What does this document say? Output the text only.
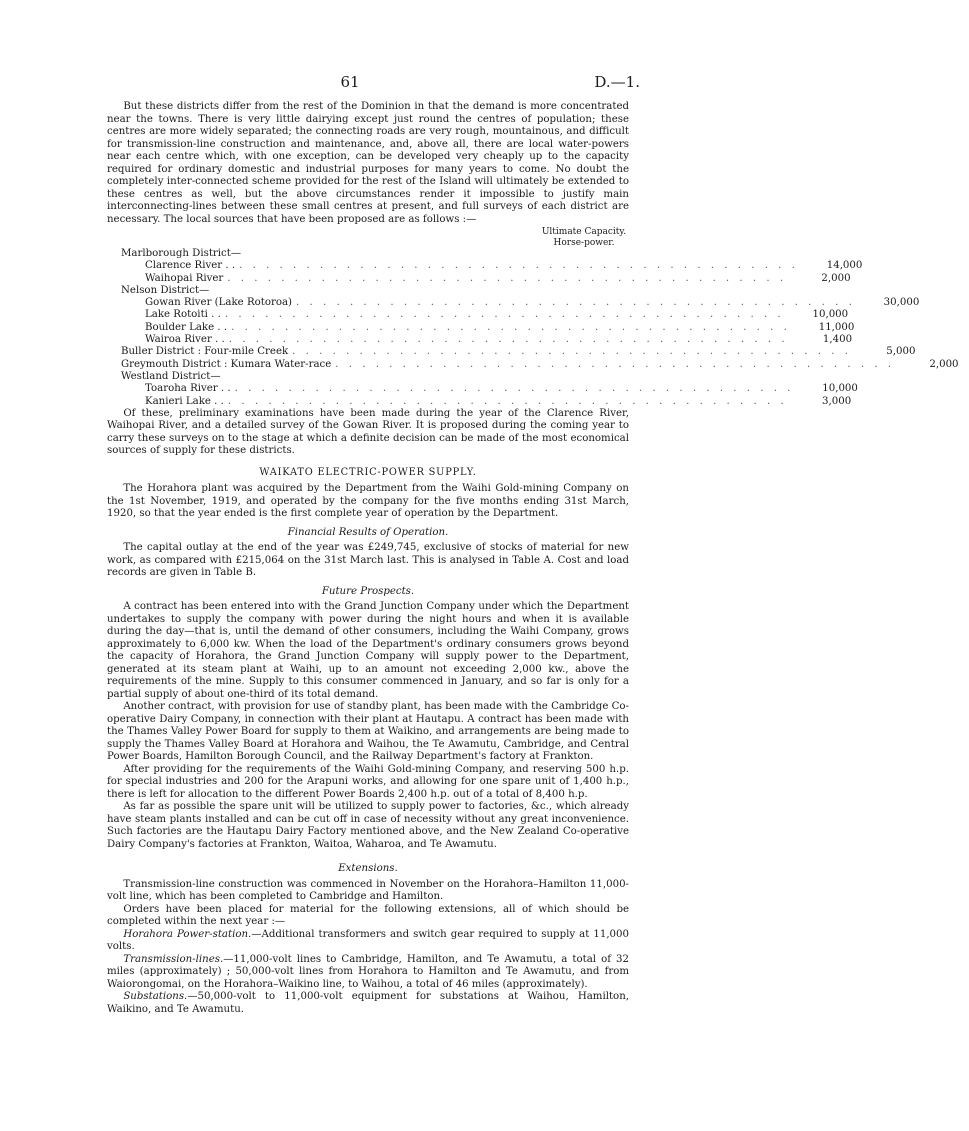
61	D.—1.

But these districts differ from the rest of the Dominion in that the demand is more concentrated near the towns. There is very little dairying except just round the centres of population; these centres are more widely separated; the connecting roads are very rough, mountainous, and difficult for transmission-line construction and maintenance, and, above all, there are local water-powers near each centre which, with one exception, can be developed very cheaply up to the capacity required for ordinary domestic and industrial purposes for many years to come. No doubt the completely inter-connected scheme provided for the rest of the Island will ultimately be extended to these centres as well, but the above circumstances render it impossible to justify main interconnecting-lines between these small centres at present, and full surveys of each district are necessary. The local sources that have been proposed are as follows :—

Ultimate Capacity.
Horse-power.
Marlborough District—
Clarence River . . . . . . . . . . . . . . . . . . . . . . . . . . . . . . . . . . . . . . . . . . . .	14,000
Waihopai River . . . . . . . . . . . . . . . . . . . . . . . . . . . . . . . . . . . . . . . . . .	2,000
Nelson District—
Gowan River (Lake Rotoroa) . . . . . . . . . . . . . . . . . . . . . . . . . . . . . . . . . . . . . . . . . .	30,000
Lake Rotoiti . . . . . . . . . . . . . . . . . . . . . . . . . . . . . . . . . . . . . . . . . . . .	10,000
Boulder Lake . . . . . . . . . . . . . . . . . . . . . . . . . . . . . . . . . . . . . . . . . . . .	11,000
Wairoa River . . . . . . . . . . . . . . . . . . . . . . . . . . . . . . . . . . . . . . . . . . . .	1,400
Buller District : Four-mile Creek . . . . . . . . . . . . . . . . . . . . . . . . . . . . . . . . . . . . . . . . . .	5,000
Greymouth District : Kumara Water-race . . . . . . . . . . . . . . . . . . . . . . . . . . . . . . . . . . . . . . . . . .	2,000
Westland District—
Toaroha River . . . . . . . . . . . . . . . . . . . . . . . . . . . . . . . . . . . . . . . . . . . .	10,000
Kanieri Lake . . . . . . . . . . . . . . . . . . . . . . . . . . . . . . . . . . . . . . . . . . . .	3,000

Of these, preliminary examinations have been made during the year of the Clarence River, Waihopai River, and a detailed survey of the Gowan River. It is proposed during the coming year to carry these surveys on to the stage at which a definite decision can be made of the most economical sources of supply for these districts.

WAIKATO ELECTRIC-POWER SUPPLY.

The Horahora plant was acquired by the Department from the Waihi Gold-mining Company on the 1st November, 1919, and operated by the company for the five months ending 31st March, 1920, so that the year ended is the first complete year of operation by the Department.

Financial Results of Operation.

The capital outlay at the end of the year was £249,745, exclusive of stocks of material for new work, as compared with £215,064 on the 31st March last. This is analysed in Table A. Cost and load records are given in Table B.

Future Prospects.

A contract has been entered into with the Grand Junction Company under which the Department undertakes to supply the company with power during the night hours and when it is available during the day—that is, until the demand of other consumers, including the Waihi Company, grows approximately to 6,000 kw. When the load of the Department's ordinary consumers grows beyond the capacity of Horahora, the Grand Junction Company will supply power to the Department, generated at its steam plant at Waihi, up to an amount not exceeding 2,000 kw., above the requirements of the mine. Supply to this consumer commenced in January, and so far is only for a partial supply of about one-third of its total demand.

Another contract, with provision for use of standby plant, has been made with the Cambridge Co-operative Dairy Company, in connection with their plant at Hautapu. A contract has been made with the Thames Valley Power Board for supply to them at Waikino, and arrangements are being made to supply the Thames Valley Board at Horahora and Waihou, the Te Awamutu, Cambridge, and Central Power Boards, Hamilton Borough Council, and the Railway Department's factory at Frankton.

After providing for the requirements of the Waihi Gold-mining Company, and reserving 500 h.p. for special industries and 200 for the Arapuni works, and allowing for one spare unit of 1,400 h.p., there is left for allocation to the different Power Boards 2,400 h.p. out of a total of 8,400 h.p.

As far as possible the spare unit will be utilized to supply power to factories, &c., which already have steam plants installed and can be cut off in case of necessity without any great inconvenience. Such factories are the Hautapu Dairy Factory mentioned above, and the New Zealand Co-operative Dairy Company's factories at Frankton, Waitoa, Waharoa, and Te Awamutu.

Extensions.

Transmission-line construction was commenced in November on the Horahora–Hamilton 11,000-volt line, which has been completed to Cambridge and Hamilton.

Orders have been placed for material for the following extensions, all of which should be completed within the next year :—

Horahora Power-station.—Additional transformers and switch gear required to supply at 11,000 volts.

Transmission-lines.—11,000-volt lines to Cambridge, Hamilton, and Te Awamutu, a total of 32 miles (approximately) ; 50,000-volt lines from Horahora to Hamilton and Te Awamutu, and from Waiorongomai, on the Horahora–Waikino line, to Waihou, a total of 46 miles (approximately).

Substations.—50,000-volt to 11,000-volt equipment for substations at Waihou, Hamilton, Waikino, and Te Awamutu.
